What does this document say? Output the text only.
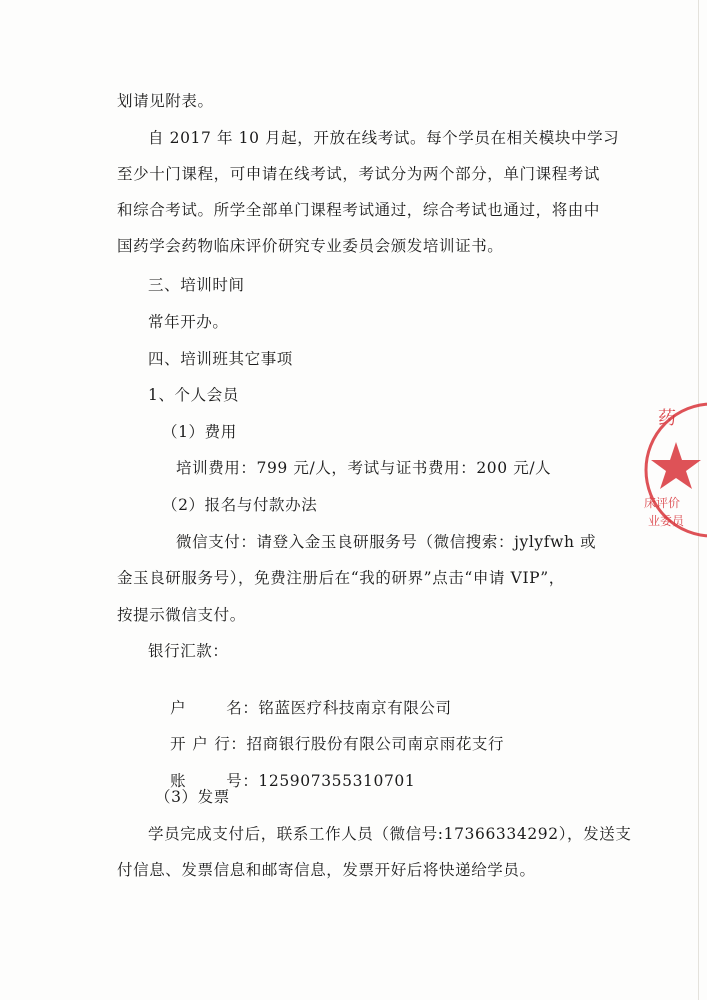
划请见附表。
自 2017 年 10 月起，开放在线考试。每个学员在相关模块中学习
至少十门课程，可申请在线考试，考试分为两个部分，单门课程考试
和综合考试。所学全部单门课程考试通过，综合考试也通过，将由中
国药学会药物临床评价研究专业委员会颁发培训证书。
三、培训时间
常年开办。
四、培训班其它事项
1、个人会员
（1）费用
培训费用：799 元/人，考试与证书费用：200 元/人
（2）报名与付款办法
微信支付：请登入金玉良研服务号（微信搜索：jylyfwh 或
金玉良研服务号），免费注册后在“我的研界”点击“申请 VIP”，
按提示微信支付。
银行汇款：

户	名：铭蓝医疗科技南京有限公司

开 户 行：招商银行股份有限公司南京雨花支行

账	号：125907355310701

（3）发票
学员完成支付后，联系工作人员（微信号:17366334292），发送支
付信息、发票信息和邮寄信息，发票开好后将快递给学员。
药
床评价
业委员
